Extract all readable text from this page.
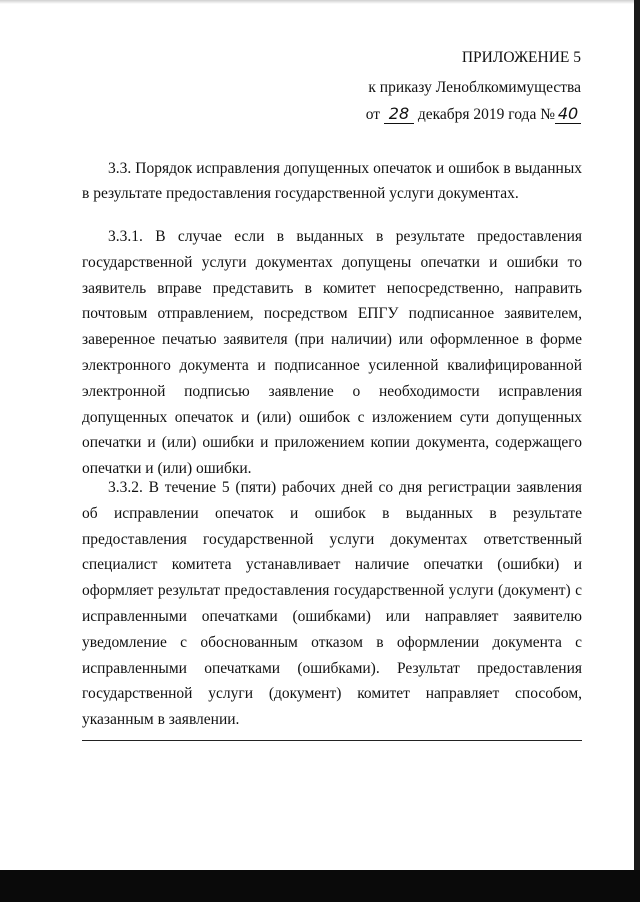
ПРИЛОЖЕНИЕ 5
к приказу Леноблкомимущества
от 28 декабря 2019 года № 40
3.3. Порядок исправления допущенных опечаток и ошибок в выданных в результате предоставления государственной услуги документах.
3.3.1. В случае если в выданных в результате предоставления государственной услуги документах допущены опечатки и ошибки то заявитель вправе представить в комитет непосредственно, направить почтовым отправлением, посредством ЕПГУ подписанное заявителем, заверенное печатью заявителя (при наличии) или оформленное в форме электронного документа и подписанное усиленной квалифицированной электронной подписью заявление о необходимости исправления допущенных опечаток и (или) ошибок с изложением сути допущенных опечатки и (или) ошибки и приложением копии документа, содержащего опечатки и (или) ошибки.
3.3.2. В течение 5 (пяти) рабочих дней со дня регистрации заявления об исправлении опечаток и ошибок в выданных в результате предоставления государственной услуги документах ответственный специалист комитета устанавливает наличие опечатки (ошибки) и оформляет результат предоставления государственной услуги (документ) с исправленными опечатками (ошибками) или направляет заявителю уведомление с обоснованным отказом в оформлении документа с исправленными опечатками (ошибками). Результат предоставления государственной услуги (документ) комитет направляет способом, указанным в заявлении.
